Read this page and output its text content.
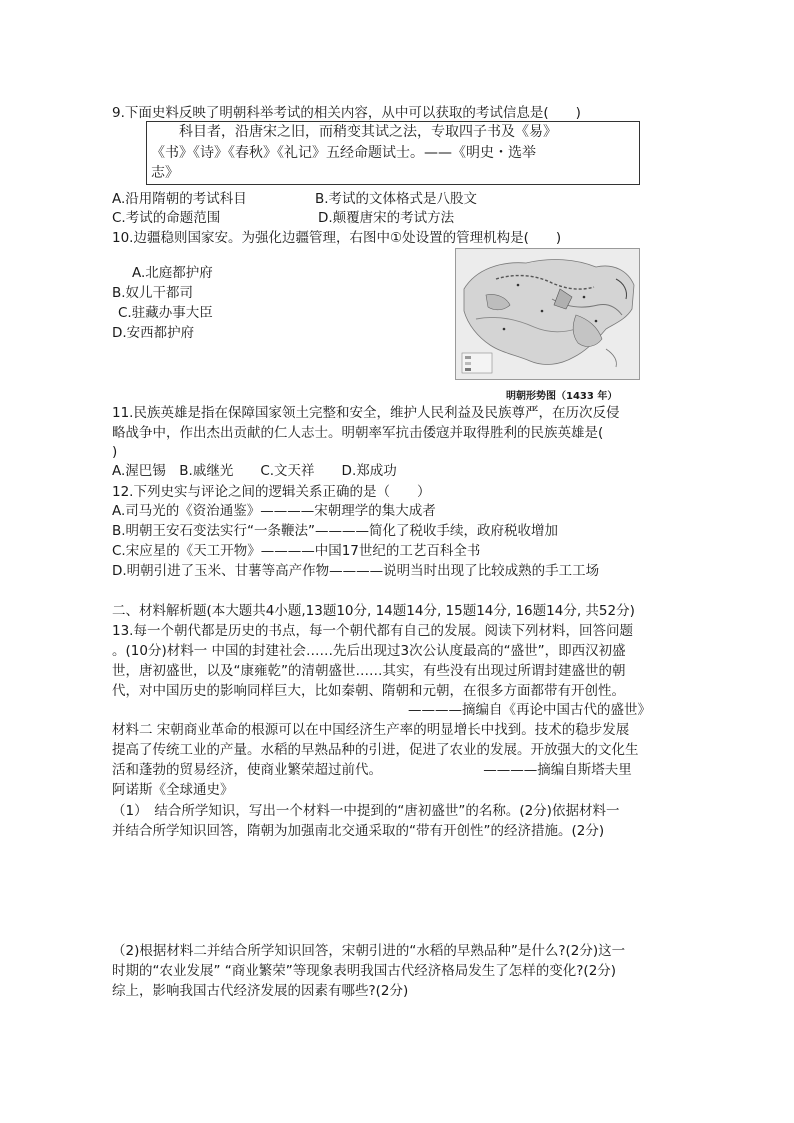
9.下面史料反映了明朝科举考试的相关内容，从中可以获取的考试信息是(　　)
科目者，沿唐宋之旧，而稍变其试之法，专取四子书及《易》
《书》《诗》《春秋》《礼记》五经命题试士。——《明史・选举
志》
A.沿用隋朝的考试科目	B.考试的文体格式是八股文
C.考试的命题范围	D.颠覆唐宋的考试方法
10.边疆稳则国家安。为强化边疆管理，右图中①处设置的管理机构是(　　)
A.北庭都护府
B.奴儿干都司
C.驻藏办事大臣
D.安西都护府
明朝形势图（1433 年）
11.民族英雄是指在保障国家领土完整和安全，维护人民利益及民族尊严，在历次反侵
略战争中，作出杰出贡献的仁人志士。明朝率军抗击倭寇并取得胜利的民族英雄是(
)
A.渥巴锡　B.戚继光　　C.文天祥　　D.郑成功
12.下列史实与评论之间的逻辑关系正确的是（　　）
A.司马光的《资治通鉴》————宋朝理学的集大成者
B.明朝王安石变法实行“一条鞭法”————简化了税收手续，政府税收增加
C.宋应星的《天工开物》————中国17世纪的工艺百科全书
D.明朝引进了玉米、甘薯等高产作物————说明当时出现了比较成熟的手工工场
二、材料解析题(本大题共4小题,13题10分, 14题14分, 15题14分, 16题14分, 共52分)
13.每一个朝代都是历史的书点，每一个朝代都有自己的发展。阅读下列材料，回答问题
。(10分)材料一 中国的封建社会……先后出现过3次公认度最高的“盛世”，即西汉初盛
世，唐初盛世，以及“康雍乾”的清朝盛世……其实，有些没有出现过所谓封建盛世的朝
代，对中国历史的影响同样巨大，比如秦朝、隋朝和元朝，在很多方面都带有开创性。
————摘编自《再论中国古代的盛世》
材料二 宋朝商业革命的根源可以在中国经济生产率的明显增长中找到。技术的稳步发展
提高了传统工业的产量。水稻的早熟品种的引进，促进了农业的发展。开放强大的文化生
活和蓬勃的贸易经济，使商业繁荣超过前代。　　　　　　　　————摘编自斯塔夫里
阿诺斯《全球通史》
（1）　结合所学知识，写出一个材料一中提到的“唐初盛世”的名称。(2分)依据材料一
并结合所学知识回答，隋朝为加强南北交通采取的“带有开创性”的经济措施。(2分)
（2)根据材料二并结合所学知识回答，宋朝引进的“水稻的早熟品种”是什么?(2分)这一
时期的“农业发展” “商业繁荣”等现象表明我国古代经济格局发生了怎样的变化?(2分)
综上，影响我国古代经济发展的因素有哪些?(2分)
